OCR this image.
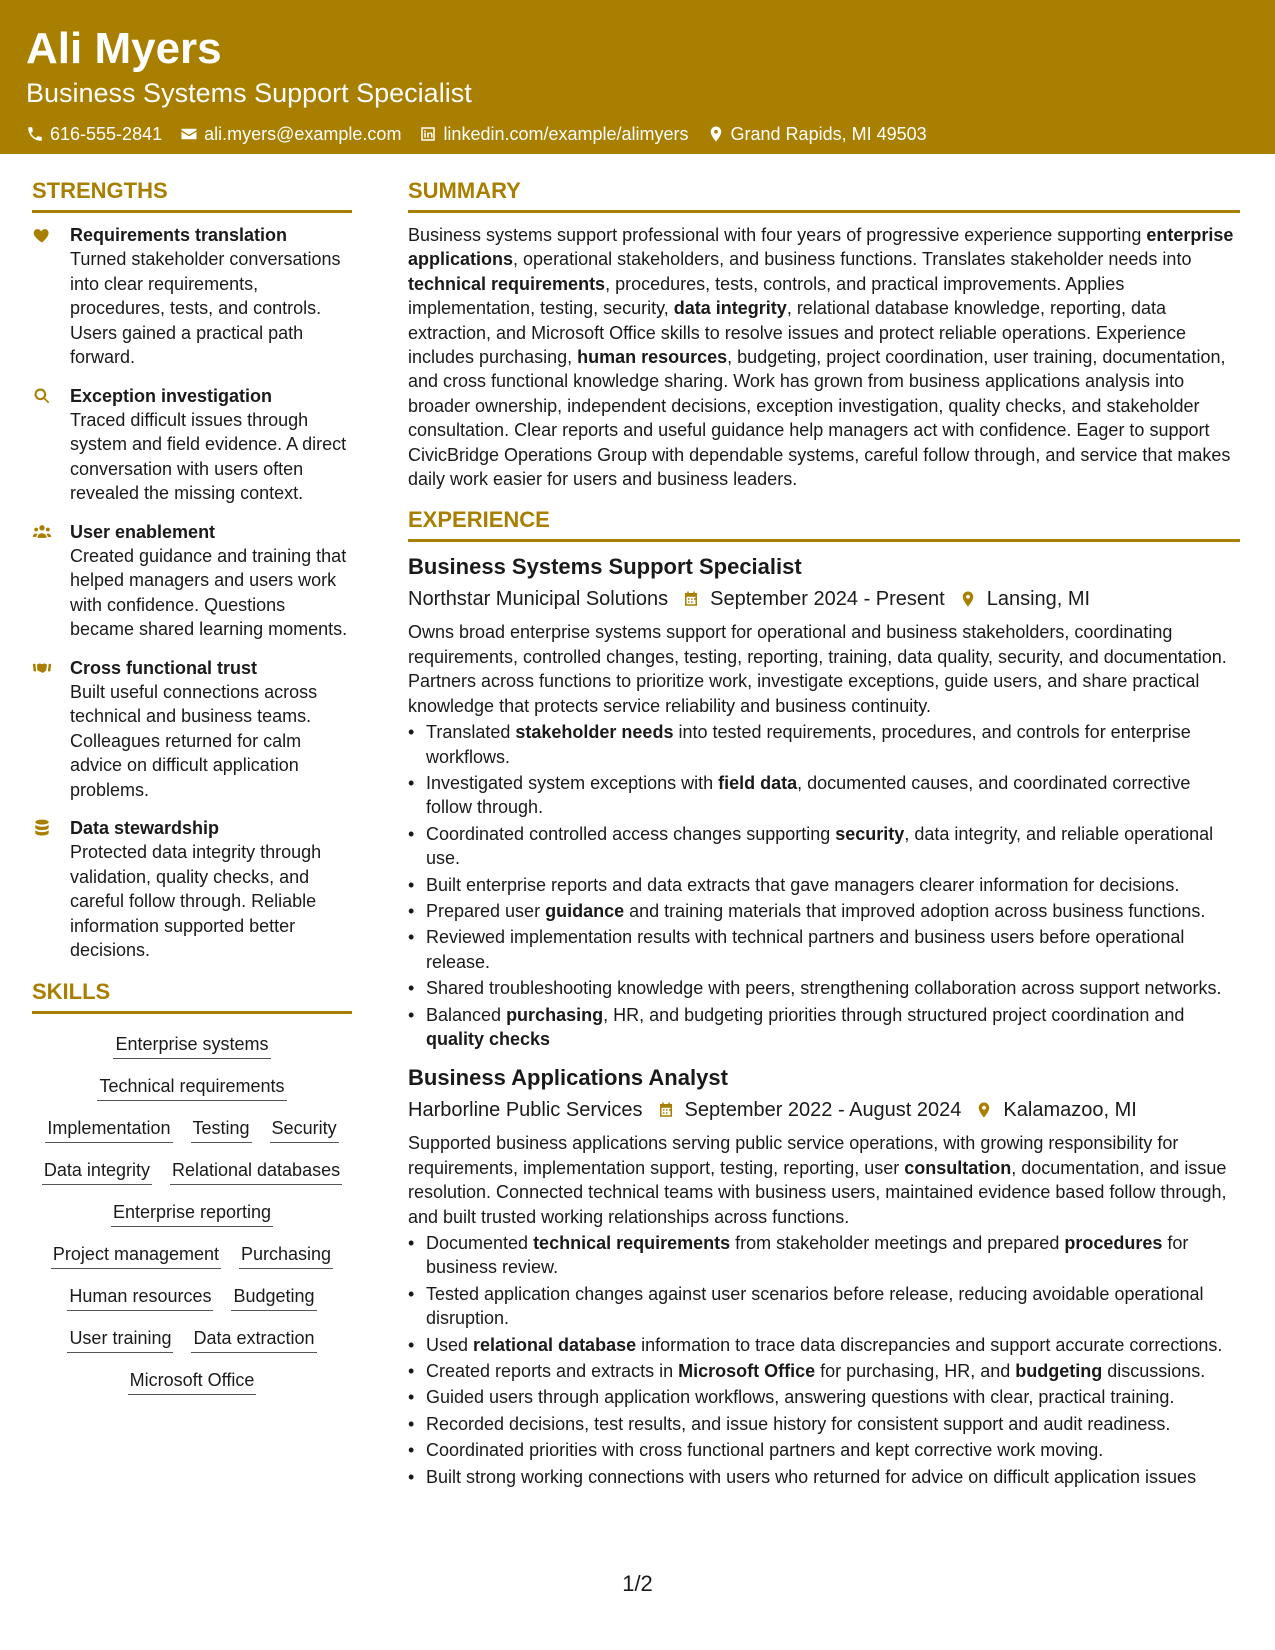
Ali Myers
Business Systems Support Specialist
616-555-2841 ali.myers@example.com linkedin.com/example/alimyers Grand Rapids, MI 49503
STRENGTHS
Requirements translation
Turned stakeholder conversations into clear requirements, procedures, tests, and controls. Users gained a practical path forward.
Exception investigation
Traced difficult issues through system and field evidence. A direct conversation with users often revealed the missing context.
User enablement
Created guidance and training that helped managers and users work with confidence. Questions became shared learning moments.
Cross functional trust
Built useful connections across technical and business teams. Colleagues returned for calm advice on difficult application problems.
Data stewardship
Protected data integrity through validation, quality checks, and careful follow through. Reliable information supported better decisions.
SKILLS
Enterprise systems
Technical requirements
Implementation Testing Security
Data integrity Relational databases
Enterprise reporting
Project management Purchasing
Human resources Budgeting
User training Data extraction
Microsoft Office
SUMMARY

Business systems support professional with four years of progressive experience supporting enterprise applications, operational stakeholders, and business functions. Translates stakeholder needs into technical requirements, procedures, tests, controls, and practical improvements. Applies implementation, testing, security, data integrity, relational database knowledge, reporting, data extraction, and Microsoft Office skills to resolve issues and protect reliable operations. Experience includes purchasing, human resources, budgeting, project coordination, user training, documentation, and cross functional knowledge sharing. Work has grown from business applications analysis into broader ownership, independent decisions, exception investigation, quality checks, and stakeholder consultation. Clear reports and useful guidance help managers act with confidence. Eager to support CivicBridge Operations Group with dependable systems, careful follow through, and service that makes daily work easier for users and business leaders.

EXPERIENCE
Business Systems Support Specialist
Northstar Municipal Solutions September 2024 - Present Lansing, MI
Owns broad enterprise systems support for operational and business stakeholders, coordinating requirements, controlled changes, testing, reporting, training, data quality, security, and documentation. Partners across functions to prioritize work, investigate exceptions, guide users, and share practical knowledge that protects service reliability and business continuity.
• Translated stakeholder needs into tested requirements, procedures, and controls for enterprise workflows.
• Investigated system exceptions with field data, documented causes, and coordinated corrective follow through.
• Coordinated controlled access changes supporting security, data integrity, and reliable operational use.
• Built enterprise reports and data extracts that gave managers clearer information for decisions.
• Prepared user guidance and training materials that improved adoption across business functions.
• Reviewed implementation results with technical partners and business users before operational release.
• Shared troubleshooting knowledge with peers, strengthening collaboration across support networks.
• Balanced purchasing, HR, and budgeting priorities through structured project coordination and quality checks
Business Applications Analyst
Harborline Public Services September 2022 - August 2024 Kalamazoo, MI
Supported business applications serving public service operations, with growing responsibility for requirements, implementation support, testing, reporting, user consultation, documentation, and issue resolution. Connected technical teams with business users, maintained evidence based follow through, and built trusted working relationships across functions.
• Documented technical requirements from stakeholder meetings and prepared procedures for business review.
• Tested application changes against user scenarios before release, reducing avoidable operational disruption.
• Used relational database information to trace data discrepancies and support accurate corrections.
• Created reports and extracts in Microsoft Office for purchasing, HR, and budgeting discussions.
• Guided users through application workflows, answering questions with clear, practical training.
• Recorded decisions, test results, and issue history for consistent support and audit readiness.
• Coordinated priorities with cross functional partners and kept corrective work moving.
• Built strong working connections with users who returned for advice on difficult application issues
1/2
